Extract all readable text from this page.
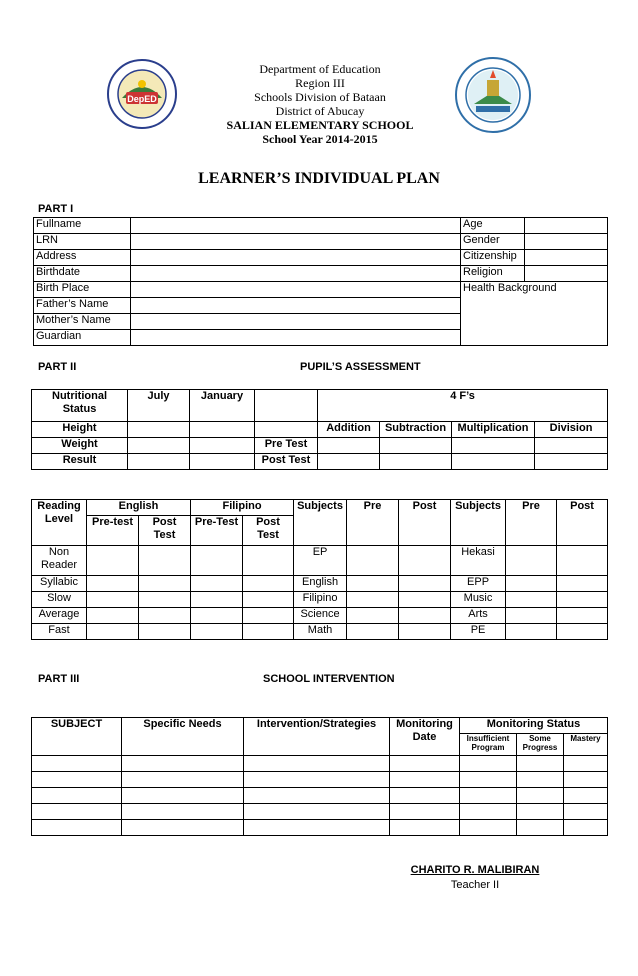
DepED
Department of Education
Region III
Schools Division of Bataan
District of Abucay
SALIAN ELEMENTARY SCHOOL
School Year 2014-2015
LEARNER’S INDIVIDUAL PLAN
PART I
Fullname		Age	
LRN		Gender	
Address		Citizenship	
Birthdate		Religion	
Birth Place		Health Background	
Father’s Name			
Mother’s Name			
Guardian			
PART II	PUPIL’S ASSESSMENT
Nutritional Status	July	January		4 F’s			
Height				Addition	Subtraction	Multiplication	Division
Weight			Pre Test				
Result			Post Test				
Reading Level	English		Filipino		Subjects	Pre	Post	Subjects	Pre	Post
	Pre-test	Post Test	Pre-Test	Post Test						
Non Reader					EP			Hekasi		
Syllabic					English			EPP		
Slow					Filipino			Music		
Average					Science			Arts		
Fast					Math			PE		
PART III	SCHOOL INTERVENTION
SUBJECT	Specific Needs	Intervention/Strategies	Monitoring Date	Monitoring Status		
				Insufficient Program	Some Progress	Mastery

CHARITO R. MALIBIRAN
Teacher II
